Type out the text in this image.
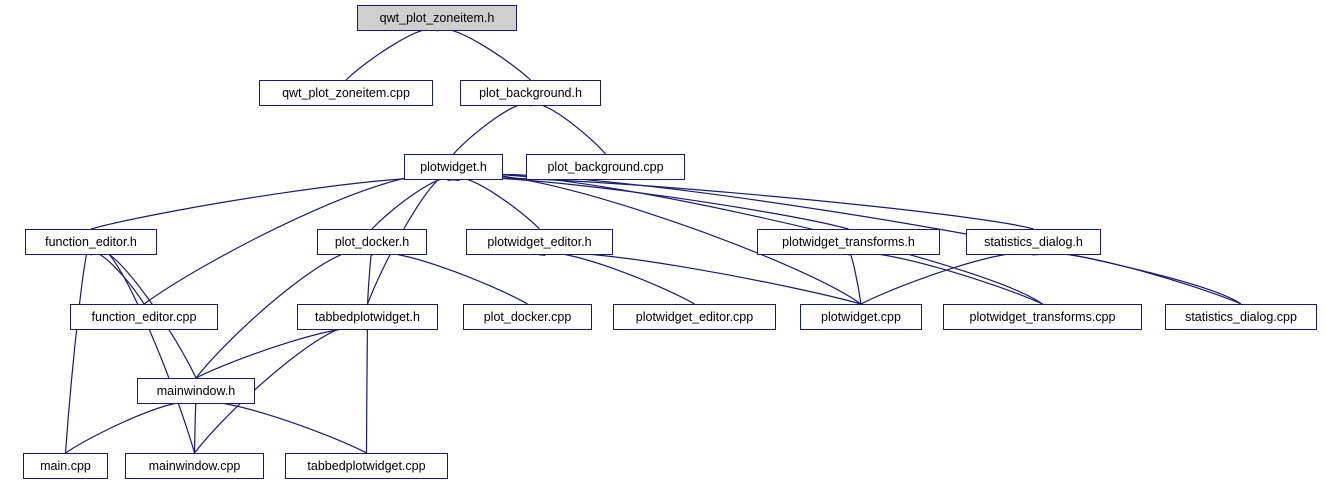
qwt_plot_zoneitem.h
qwt_plot_zoneitem.cpp	plot_background.h
plotwidget.h	plot_background.cpp
function_editor.h	plot_docker.h	plotwidget_editor.h	plotwidget_transforms.h	statistics_dialog.h
function_editor.cpp	tabbedplotwidget.h	plot_docker.cpp	plotwidget_editor.cpp	plotwidget.cpp	plotwidget_transforms.cpp	statistics_dialog.cpp
mainwindow.h
main.cpp	mainwindow.cpp	tabbedplotwidget.cpp
